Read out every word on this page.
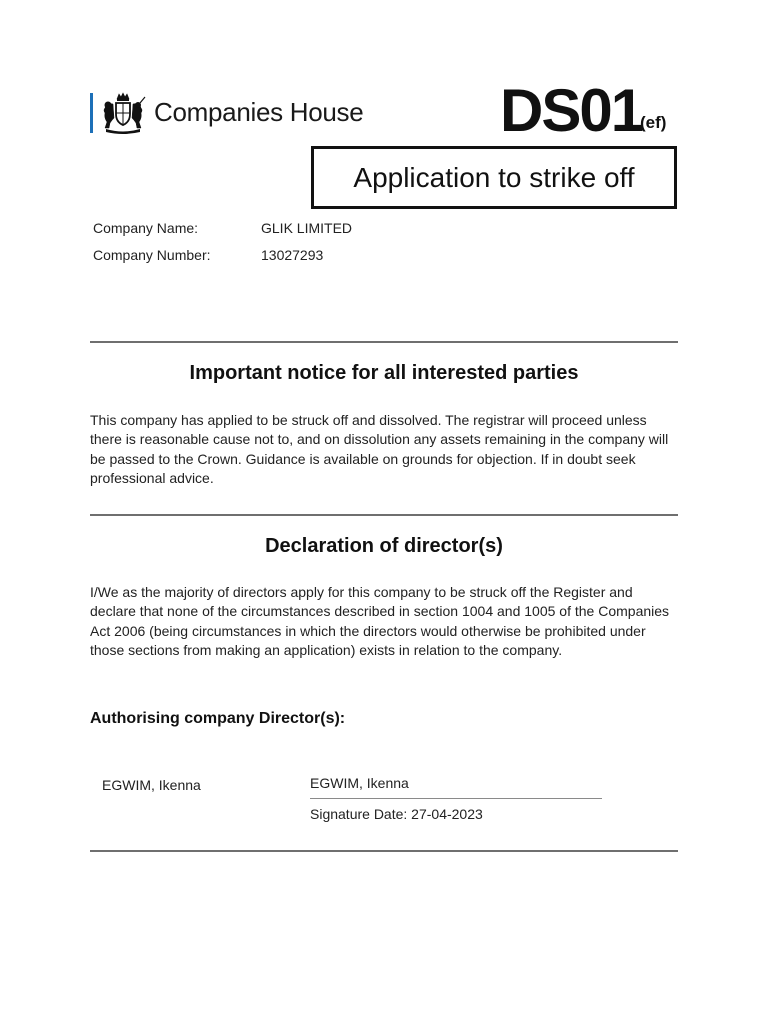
Companies House DS01
(ef)
Application to strike off
Company Name:	GLIK LIMITED
Company Number:	13027293
Important notice for all interested parties
This company has applied to be struck off and dissolved. The registrar will proceed unless there is reasonable cause not to, and on dissolution any assets remaining in the company will be passed to the Crown. Guidance is available on grounds for objection. If in doubt seek professional advice.
Declaration of director(s)
I/We as the majority of directors apply for this company to be struck off the Register and declare that none of the circumstances described in section 1004 and 1005 of the Companies Act 2006 (being circumstances in which the directors would otherwise be prohibited under those sections from making an application) exists in relation to the company.
Authorising company Director(s):
EGWIM, Ikenna	EGWIM, Ikenna
Signature Date: 27-04-2023
